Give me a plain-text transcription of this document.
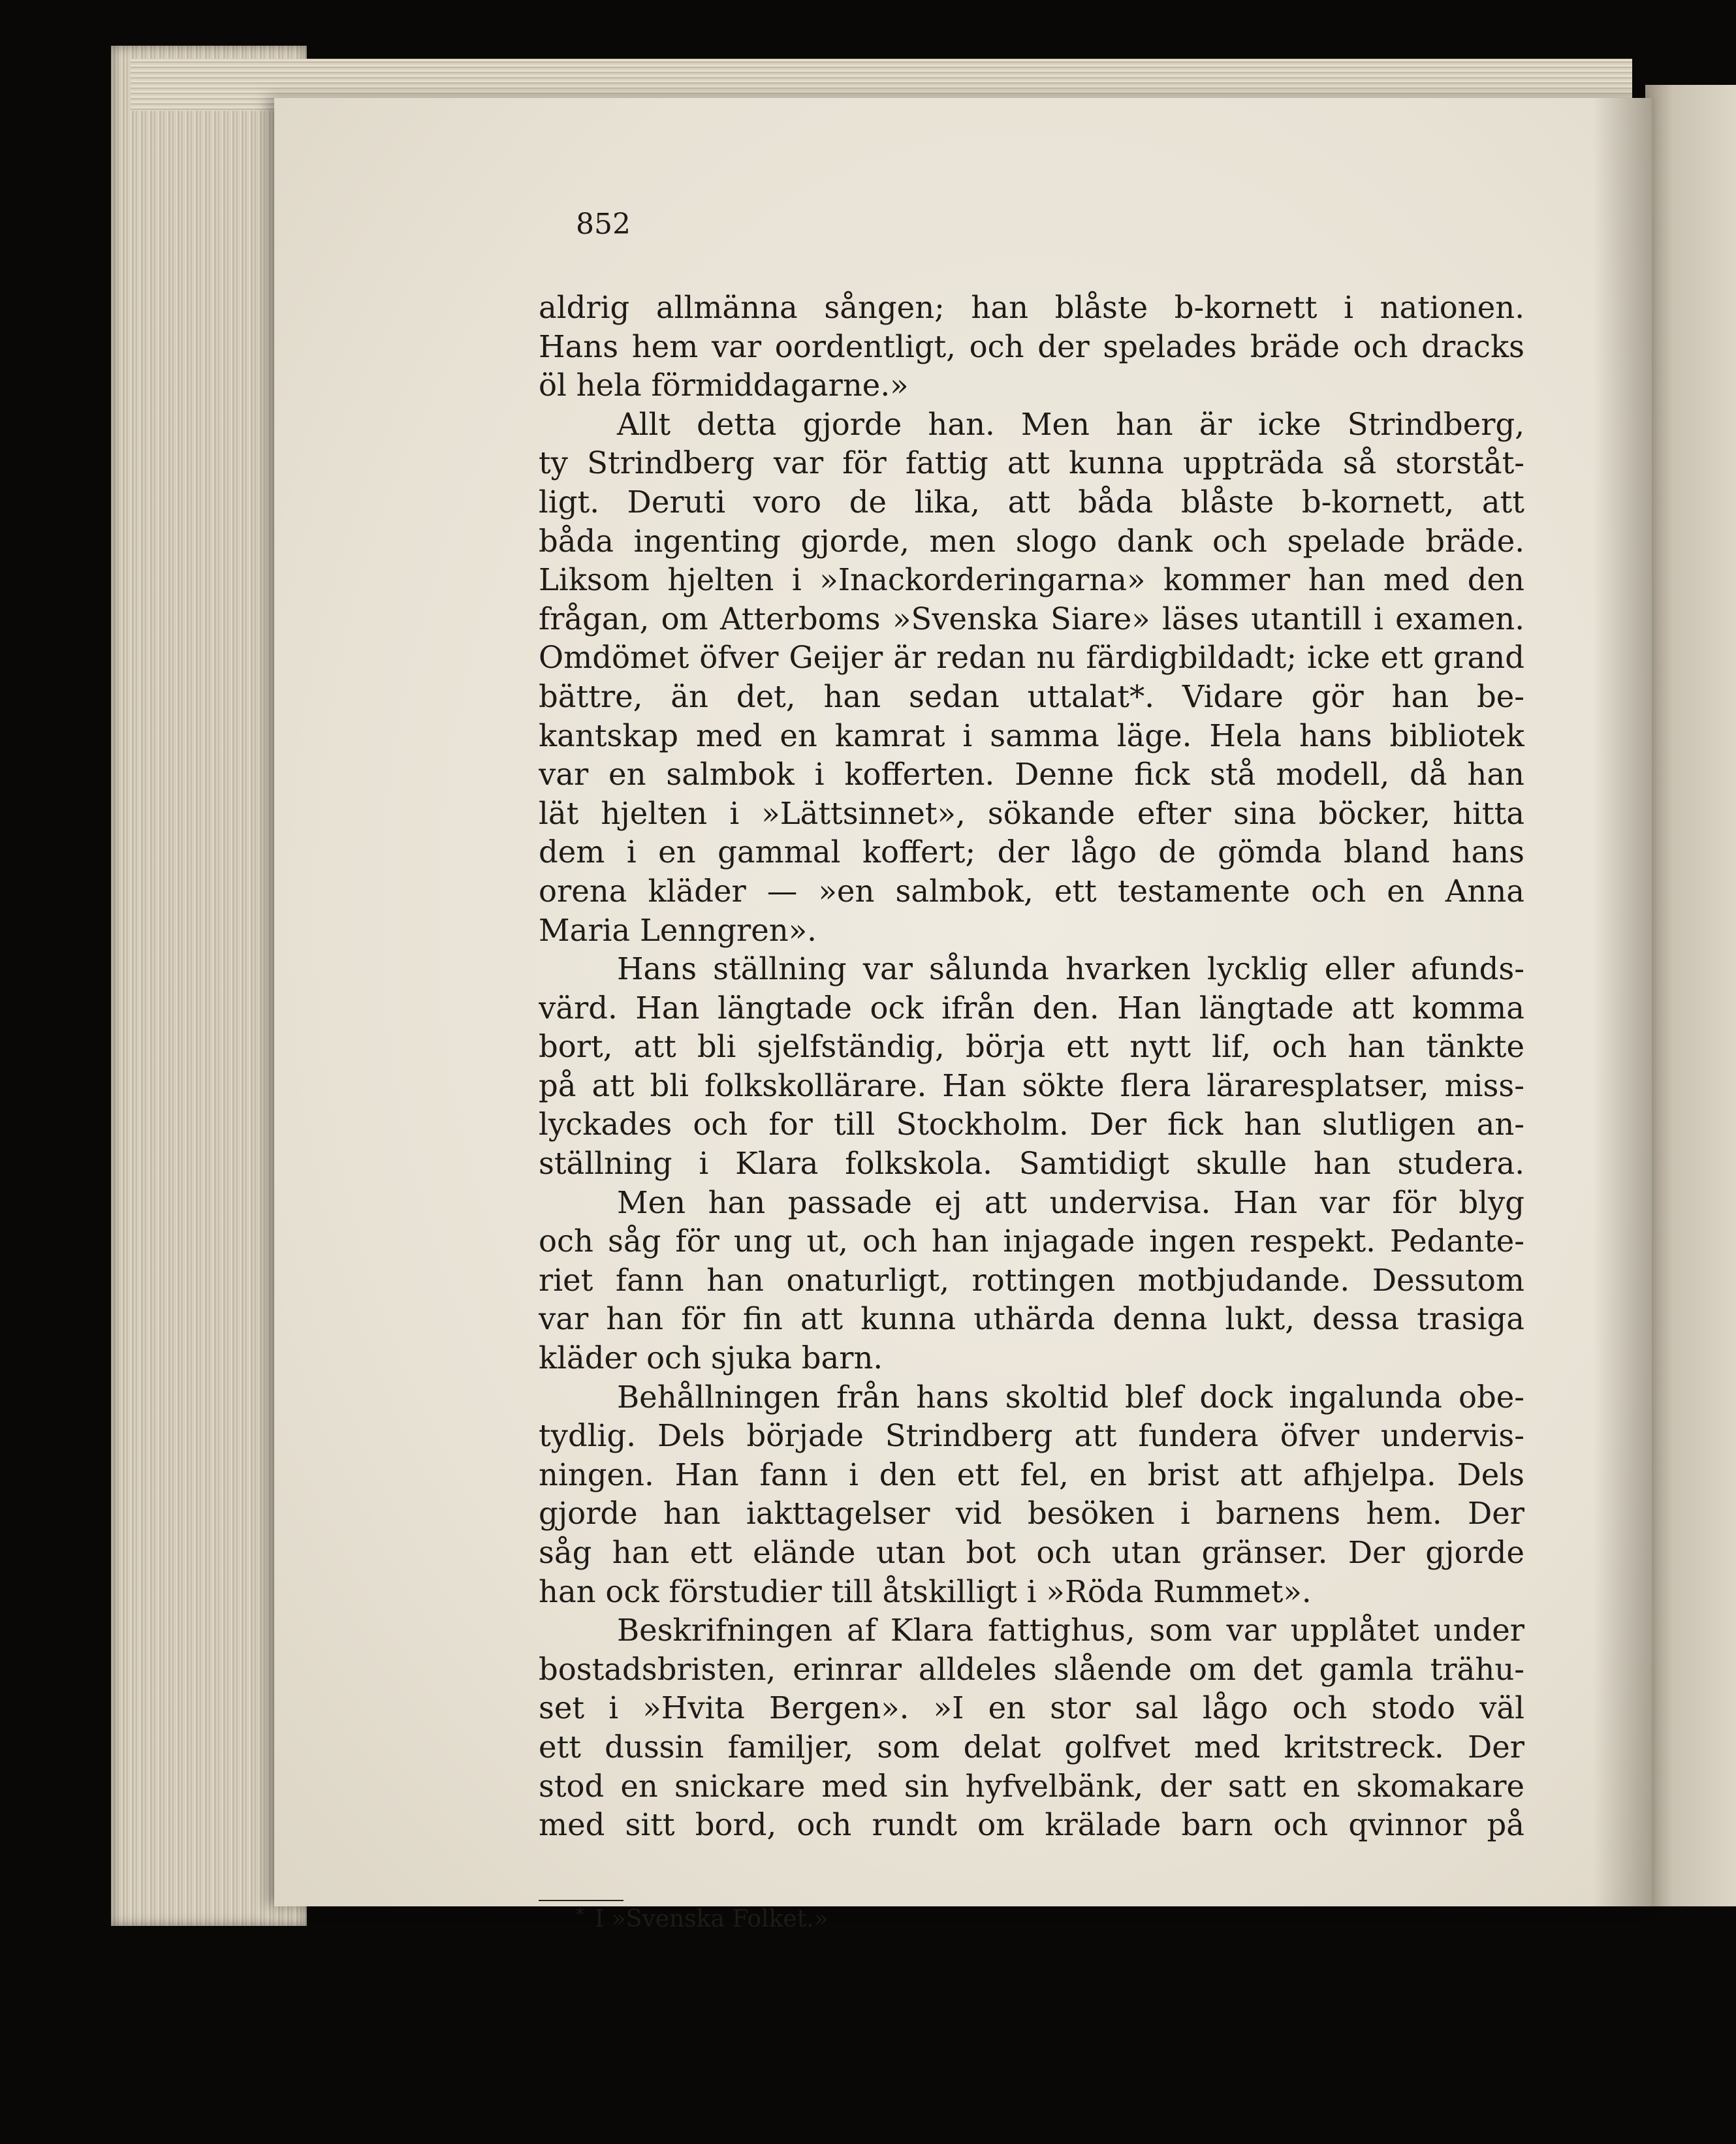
852
aldrig allmänna sången; han blåste b-kornett i nationen.
Hans hem var oordentligt, och der spelades bräde och dracks
öl hela förmiddagarne.»
Allt detta gjorde han. Men han är icke Strindberg,
ty Strindberg var för fattig att kunna uppträda så storståt-
ligt. Deruti voro de lika, att båda blåste b-kornett, att
båda ingenting gjorde, men slogo dank och spelade bräde.
Liksom hjelten i »Inackorderingarna» kommer han med den
frågan, om Atterboms »Svenska Siare» läses utantill i examen.
Omdömet öfver Geijer är redan nu färdigbildadt; icke ett grand
bättre, än det, han sedan uttalat*. Vidare gör han be-
kantskap med en kamrat i samma läge. Hela hans bibliotek
var en salmbok i kofferten. Denne fick stå modell, då han
lät hjelten i »Lättsinnet», sökande efter sina böcker, hitta
dem i en gammal koffert; der lågo de gömda bland hans
orena kläder — »en salmbok, ett testamente och en Anna
Maria Lenngren».
Hans ställning var sålunda hvarken lycklig eller afunds-
värd. Han längtade ock ifrån den. Han längtade att komma
bort, att bli sjelfständig, börja ett nytt lif, och han tänkte
på att bli folkskollärare. Han sökte flera läraresplatser, miss-
lyckades och for till Stockholm. Der fick han slutligen an-
ställning i Klara folkskola. Samtidigt skulle han studera.
Men han passade ej att undervisa. Han var för blyg
och såg för ung ut, och han injagade ingen respekt. Pedante-
riet fann han onaturligt, rottingen motbjudande. Dessutom
var han för fin att kunna uthärda denna lukt, dessa trasiga
kläder och sjuka barn.
Behållningen från hans skoltid blef dock ingalunda obe-
tydlig. Dels började Strindberg att fundera öfver undervis-
ningen. Han fann i den ett fel, en brist att afhjelpa. Dels
gjorde han iakttagelser vid besöken i barnens hem. Der
såg han ett elände utan bot och utan gränser. Der gjorde
han ock förstudier till åtskilligt i »Röda Rummet».
Beskrifningen af Klara fattighus, som var upplåtet under
bostadsbristen, erinrar alldeles slående om det gamla trähu-
set i »Hvita Bergen». »I en stor sal lågo och stodo väl
ett dussin familjer, som delat golfvet med kritstreck. Der
stod en snickare med sin hyfvelbänk, der satt en skomakare
med sitt bord, och rundt om krälade barn och qvinnor på
* I »Svenska Folket.»
